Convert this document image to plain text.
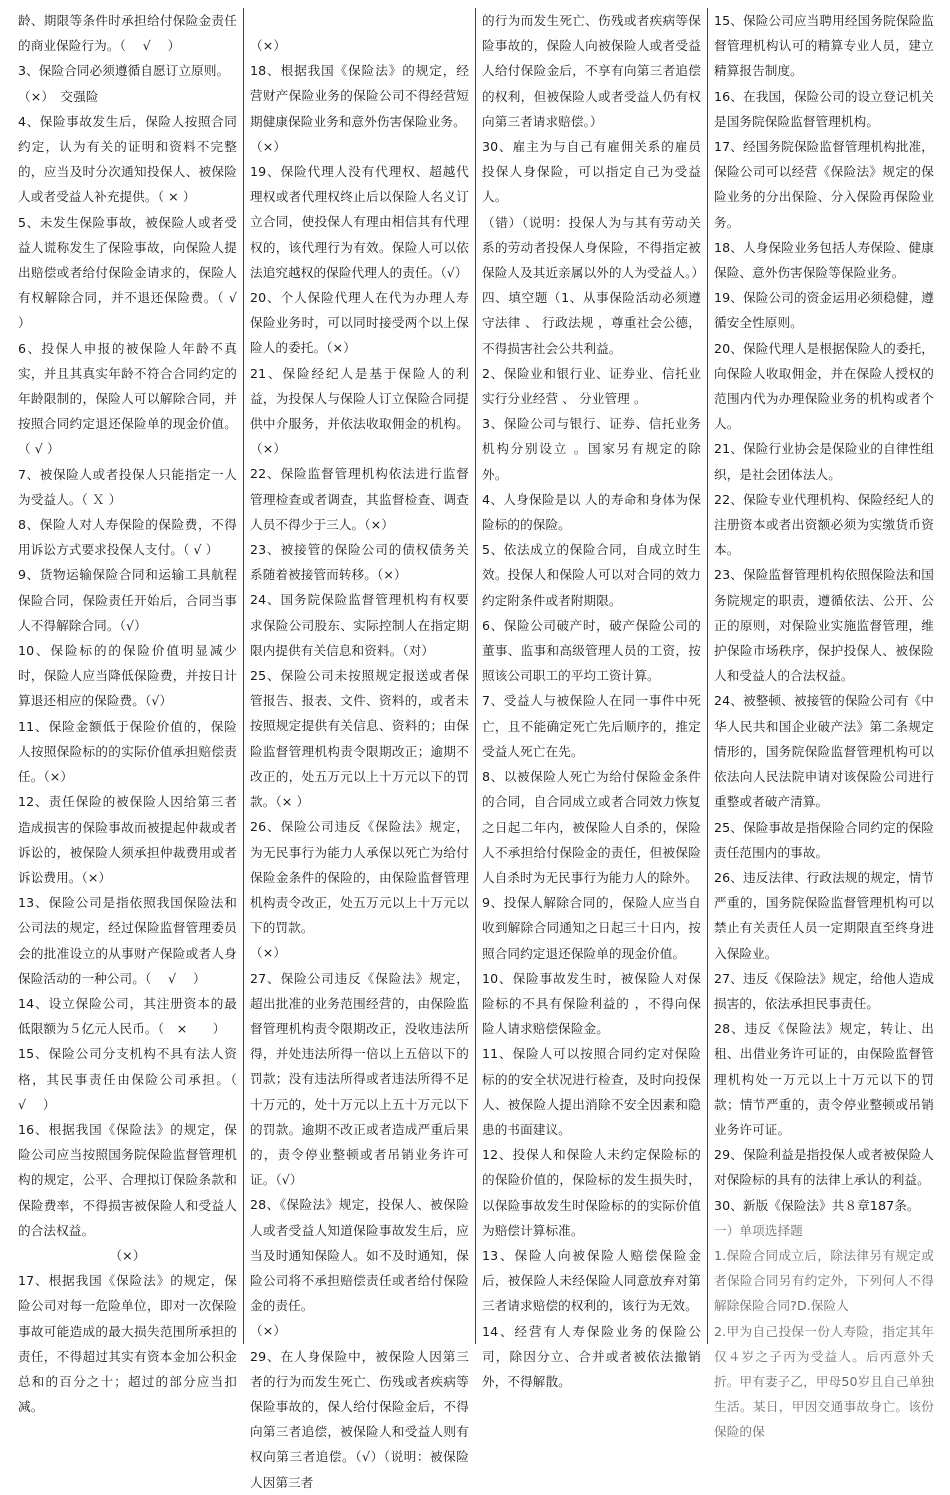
龄、期限等条件时承担给付保险金责任的商业保险行为。（　 √　 ）

3、保险合同必须遵循自愿订立原则。

（×）　交强险

4、保险事故发生后，保险人按照合同约定，认为有关的证明和资料不完整的，应当及时分次通知投保人、被保险人或者受益人补充提供。（ × ）

5、未发生保险事故，被保险人或者受益人谎称发生了保险事故，向保险人提出赔偿或者给付保险金请求的，保险人有权解除合同，并不退还保险费。（ √ ）

6、投保人申报的被保险人年龄不真实，并且其真实年龄不符合合同约定的年龄限制的，保险人可以解除合同，并按照合同约定退还保险单的现金价值。（ √ ）

7、被保险人或者投保人只能指定一人为受益人。（ Ｘ ）

8、保险人对人寿保险的保险费，不得用诉讼方式要求投保人支付。（ √ ）

9、货物运输保险合同和运输工具航程保险合同，保险责任开始后，合同当事人不得解除合同。（√）

10、保险标的的保险价值明显减少时，保险人应当降低保险费，并按日计算退还相应的保险费。（√）

11、保险金额低于保险价值的，保险人按照保险标的的实际价值承担赔偿责任。（×）

12、责任保险的被保险人因给第三者造成损害的保险事故而被提起仲裁或者诉讼的，被保险人须承担仲裁费用或者诉讼费用。（×）

13、保险公司是指依照我国保险法和公司法的规定，经过保险监督管理委员会的批准设立的从事财产保险或者人身保险活动的一种公司。（　 √　 ）

14、设立保险公司，其注册资本的最低限额为５亿元人民币。（　×　　）

15、保险公司分支机构不具有法人资格，其民事责任由保险公司承担。（　 √　 ）

16、根据我国《保险法》的规定，保险公司应当按照国务院保险监督管理机构的规定，公平、合理拟订保险条款和保险费率，不得损害被保险人和受益人的合法权益。

（×）

17、根据我国《保险法》的规定，保险公司对每一危险单位，即对一次保险事故可能造成的最大损失范围所承担的责任，不得超过其实有资本金加公积金总和的百分之十；超过的部分应当扣减。

（×）

18、根据我国《保险法》的规定，经营财产保险业务的保险公司不得经营短期健康保险业务和意外伤害保险业务。

（×）

19、保险代理人没有代理权、超越代理权或者代理权终止后以保险人名义订立合同，使投保人有理由相信其有代理权的，该代理行为有效。保险人可以依法追究越权的保险代理人的责任。（√）

20、个人保险代理人在代为办理人寿保险业务时，可以同时接受两个以上保险人的委托。（×）

21、保险经纪人是基于保险人的利益，为投保人与保险人订立保险合同提供中介服务，并依法收取佣金的机构。（×）

22、保险监督管理机构依法进行监督管理检查或者调查，其监督检查、调查人员不得少于三人。（×）

23、被接管的保险公司的债权债务关系随着被接管而转移。（×）

24、国务院保险监督管理机构有权要求保险公司股东、实际控制人在指定期限内提供有关信息和资料。（对）

25、保险公司未按照规定报送或者保管报告、报表、文件、资料的，或者未按照规定提供有关信息、资料的；由保险监督管理机构责令限期改正；逾期不改正的，处五万元以上十万元以下的罚款。（× ）

26、保险公司违反《保险法》规定，为无民事行为能力人承保以死亡为给付保险金条件的保险的，由保险监督管理机构责令改正，处五万元以上十万元以下的罚款。

（×）

27、保险公司违反《保险法》规定，超出批准的业务范围经营的，由保险监督管理机构责令限期改正，没收违法所得，并处违法所得一倍以上五倍以下的罚款；没有违法所得或者违法所得不足十万元的，处十万元以上五十万元以下的罚款。逾期不改正或者造成严重后果的，责令停业整顿或者吊销业务许可证。（√）

28、《保险法》规定，投保人、被保险人或者受益人知道保险事故发生后，应当及时通知保险人。如不及时通知，保险公司将不承担赔偿责任或者给付保险金的责任。

（×）

29、在人身保险中，被保险人因第三者的行为而发生死亡、伤残或者疾病等保险事故的，保人给付保险金后，不得向第三者追偿，被保险人和受益人则有权向第三者追偿。（√）（说明：被保险人因第三者

的行为而发生死亡、伤残或者疾病等保险事故的，保险人向被保险人或者受益人给付保险金后，不享有向第三者追偿的权利，但被保险人或者受益人仍有权向第三者请求赔偿。）

30、雇主为与自己有雇佣关系的雇员投保人身保险，可以指定自己为受益人。

（错）（说明：投保人为与其有劳动关系的劳动者投保人身保险，不得指定被保险人及其近亲属以外的人为受益人。）

四、填空题（1、从事保险活动必须遵守法律 、 行政法规 ，尊重社会公德，不得损害社会公共利益。

2、保险业和银行业、证券业、信托业实行分业经营 、 分业管理 。

3、保险公司与银行、证券、信托业务机构分别设立 。国家另有规定的除外。

4、人身保险是以 人的寿命和身体为保险标的的保险。

5、依法成立的保险合同，自成立时生效。投保人和保险人可以对合同的效力约定附条件或者附期限。

6、保险公司破产时，破产保险公司的董事、监事和高级管理人员的工资，按照该公司职工的平均工资计算。

7、受益人与被保险人在同一事件中死亡，且不能确定死亡先后顺序的，推定受益人死亡在先。

8、以被保险人死亡为给付保险金条件的合同，自合同成立或者合同效力恢复之日起二年内，被保险人自杀的，保险人不承担给付保险金的责任，但被保险人自杀时为无民事行为能力人的除外。

9、投保人解除合同的，保险人应当自收到解除合同通知之日起三十日内，按照合同约定退还保险单的现金价值。

10、保险事故发生时，被保险人对保险标的不具有保险利益的 ，不得向保险人请求赔偿保险金。

11、保险人可以按照合同约定对保险标的的安全状况进行检查，及时向投保人、被保险人提出消除不安全因素和隐患的书面建议。

12、投保人和保险人未约定保险标的的保险价值的，保险标的发生损失时，以保险事故发生时保险标的的实际价值为赔偿计算标准。

13、保险人向被保险人赔偿保险金后，被保险人未经保险人同意放弃对第三者请求赔偿的权利的，该行为无效。

14、经营有人寿保险业务的保险公司，除因分立、合并或者被依法撤销外，不得解散。

15、保险公司应当聘用经国务院保险监督管理机构认可的精算专业人员，建立精算报告制度。

16、在我国，保险公司的设立登记机关是国务院保险监督管理机构。

17、经国务院保险监督管理机构批准，保险公司可以经营《保险法》规定的保险业务的分出保险、分入保险再保险业务。

18、人身保险业务包括人寿保险、健康保险、意外伤害保险等保险业务。

19、保险公司的资金运用必须稳健，遵循安全性原则。

20、保险代理人是根据保险人的委托，向保险人收取佣金，并在保险人授权的范围内代为办理保险业务的机构或者个人。

21、保险行业协会是保险业的自律性组织，是社会团体法人。

22、保险专业代理机构、保险经纪人的注册资本或者出资额必须为实缴货币资本。

23、保险监督管理机构依照保险法和国务院规定的职责，遵循依法、公开、公正的原则，对保险业实施监督管理，维护保险市场秩序，保护投保人、被保险人和受益人的合法权益。

24、被整顿、被接管的保险公司有《中华人民共和国企业破产法》第二条规定情形的，国务院保险监督管理机构可以依法向人民法院申请对该保险公司进行重整或者破产清算。

25、保险事故是指保险合同约定的保险责任范围内的事故。

26、违反法律、行政法规的规定，情节严重的，国务院保险监督管理机构可以禁止有关责任人员一定期限直至终身进入保险业。

27、违反《保险法》规定，给他人造成损害的，依法承担民事责任。

28、违反《保险法》规定，转让、出租、出借业务许可证的，由保险监督管理机构处一万元以上十万元以下的罚款；情节严重的，责令停业整顿或吊销业务许可证。

29、保险利益是指投保人或者被保险人对保险标的具有的法律上承认的利益。

30、新版《保险法》共８章187条。

一）单项选择题

1.保险合同成立后，除法律另有规定或者保险合同另有约定外，下列何人不得解除保险合同?D.保险人

2.甲为自己投保一份人寿险，指定其年仅４岁之子丙为受益人。后丙意外夭折。甲有妻子乙，甲母50岁且自己单独生活。某日，甲因交通事故身亡。该份保险的保
